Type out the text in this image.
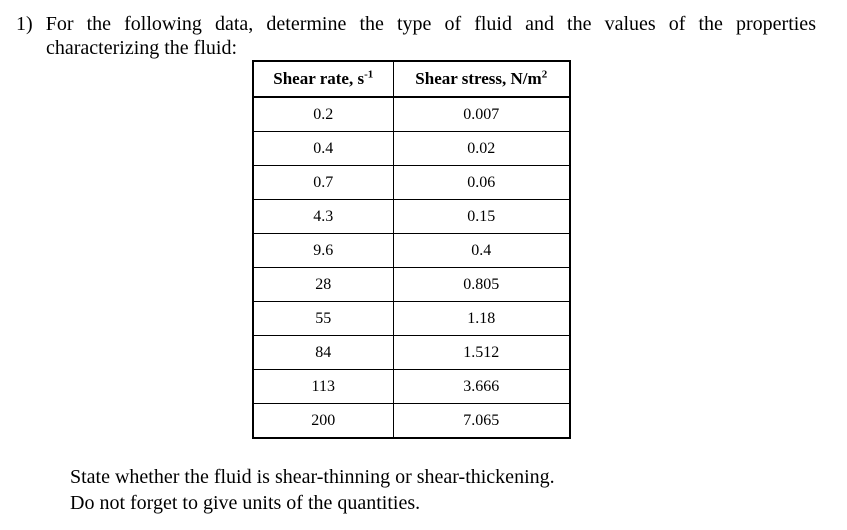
1) For the following data, determine the type of fluid and the values of the properties
characterizing the fluid:
Shear rate, $s^{-1}$	Shear stress, $N/m^2$
0.2	0.007
0.4	0.02
0.7	0.06
4.3	0.15
9.6	0.4
28	0.805
55	1.18
84	1.512
113	3.666
200	7.065
State whether the fluid is shear-thinning or shear-thickening.
Do not forget to give units of the quantities.
